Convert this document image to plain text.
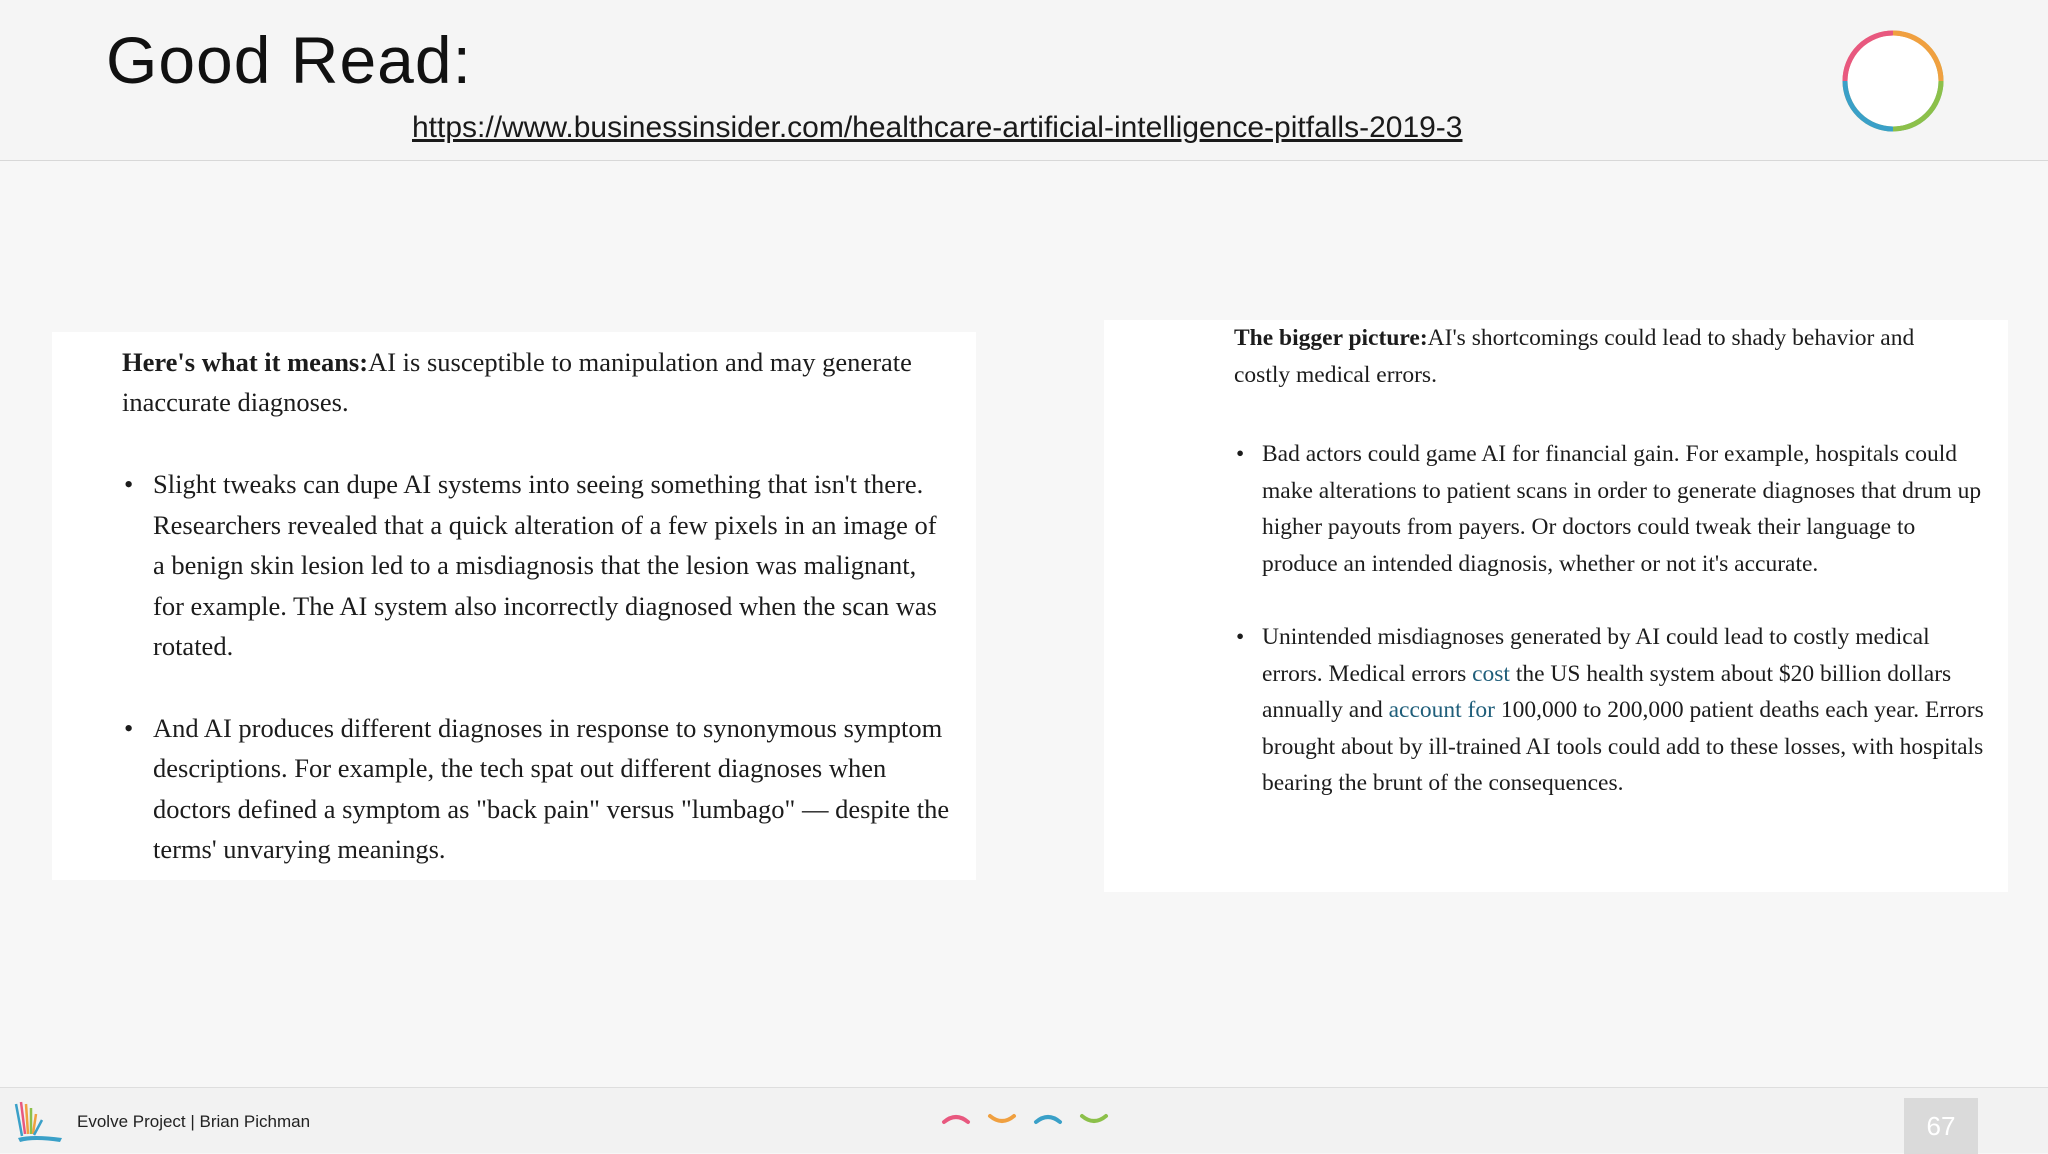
Good Read:
https://www.businessinsider.com/healthcare-artificial-intelligence-pitfalls-2019-3

Here's what it means:AI is susceptible to manipulation and may generate inaccurate diagnoses.

• Slight tweaks can dupe AI systems into seeing something that isn't there. Researchers revealed that a quick alteration of a few pixels in an image of a benign skin lesion led to a misdiagnosis that the lesion was malignant, for example. The AI system also incorrectly diagnosed when the scan was rotated.
• And AI produces different diagnoses in response to synonymous symptom descriptions. For example, the tech spat out different diagnoses when doctors defined a symptom as "back pain" versus "lumbago" — despite the terms' unvarying meanings.

The bigger picture:AI's shortcomings could lead to shady behavior and costly medical errors.

• Bad actors could game AI for financial gain. For example, hospitals could make alterations to patient scans in order to generate diagnoses that drum up higher payouts from payers. Or doctors could tweak their language to produce an intended diagnosis, whether or not it's accurate.
• Unintended misdiagnoses generated by AI could lead to costly medical errors. Medical errors cost the US health system about $20 billion dollars annually and account for 100,000 to 200,000 patient deaths each year. Errors brought about by ill-trained AI tools could add to these losses, with hospitals bearing the brunt of the consequences.
Evolve Project | Brian Pichman	67
